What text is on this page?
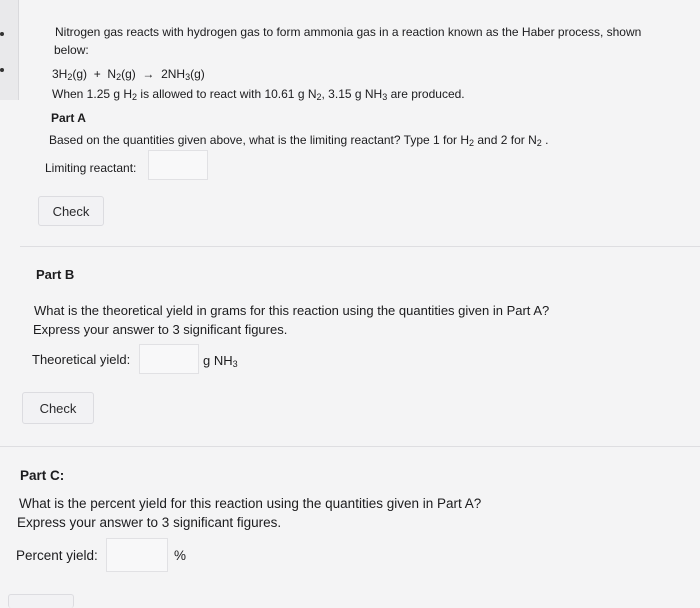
Nitrogen gas reacts with hydrogen gas to form ammonia gas in a reaction known as the Haber process, shown
below:
$3H_2(g) + N_2(g) \to 2NH_3(g)$
When 1.25 g $H_2$ is allowed to react with 10.61 g $N_2$, 3.15 g $NH_3$ are produced.
Part A
Based on the quantities given above, what is the limiting reactant? Type 1 for $H_2$ and 2 for $N_2$ .
Limiting reactant:
Check
Part B
What is the theoretical yield in grams for this reaction using the quantities given in Part A?
Express your answer to 3 significant figures.
Theoretical yield:	g $NH_3$
Check
Part C:
What is the percent yield for this reaction using the quantities given in Part A?
Express your answer to 3 significant figures.
Percent yield:	%
